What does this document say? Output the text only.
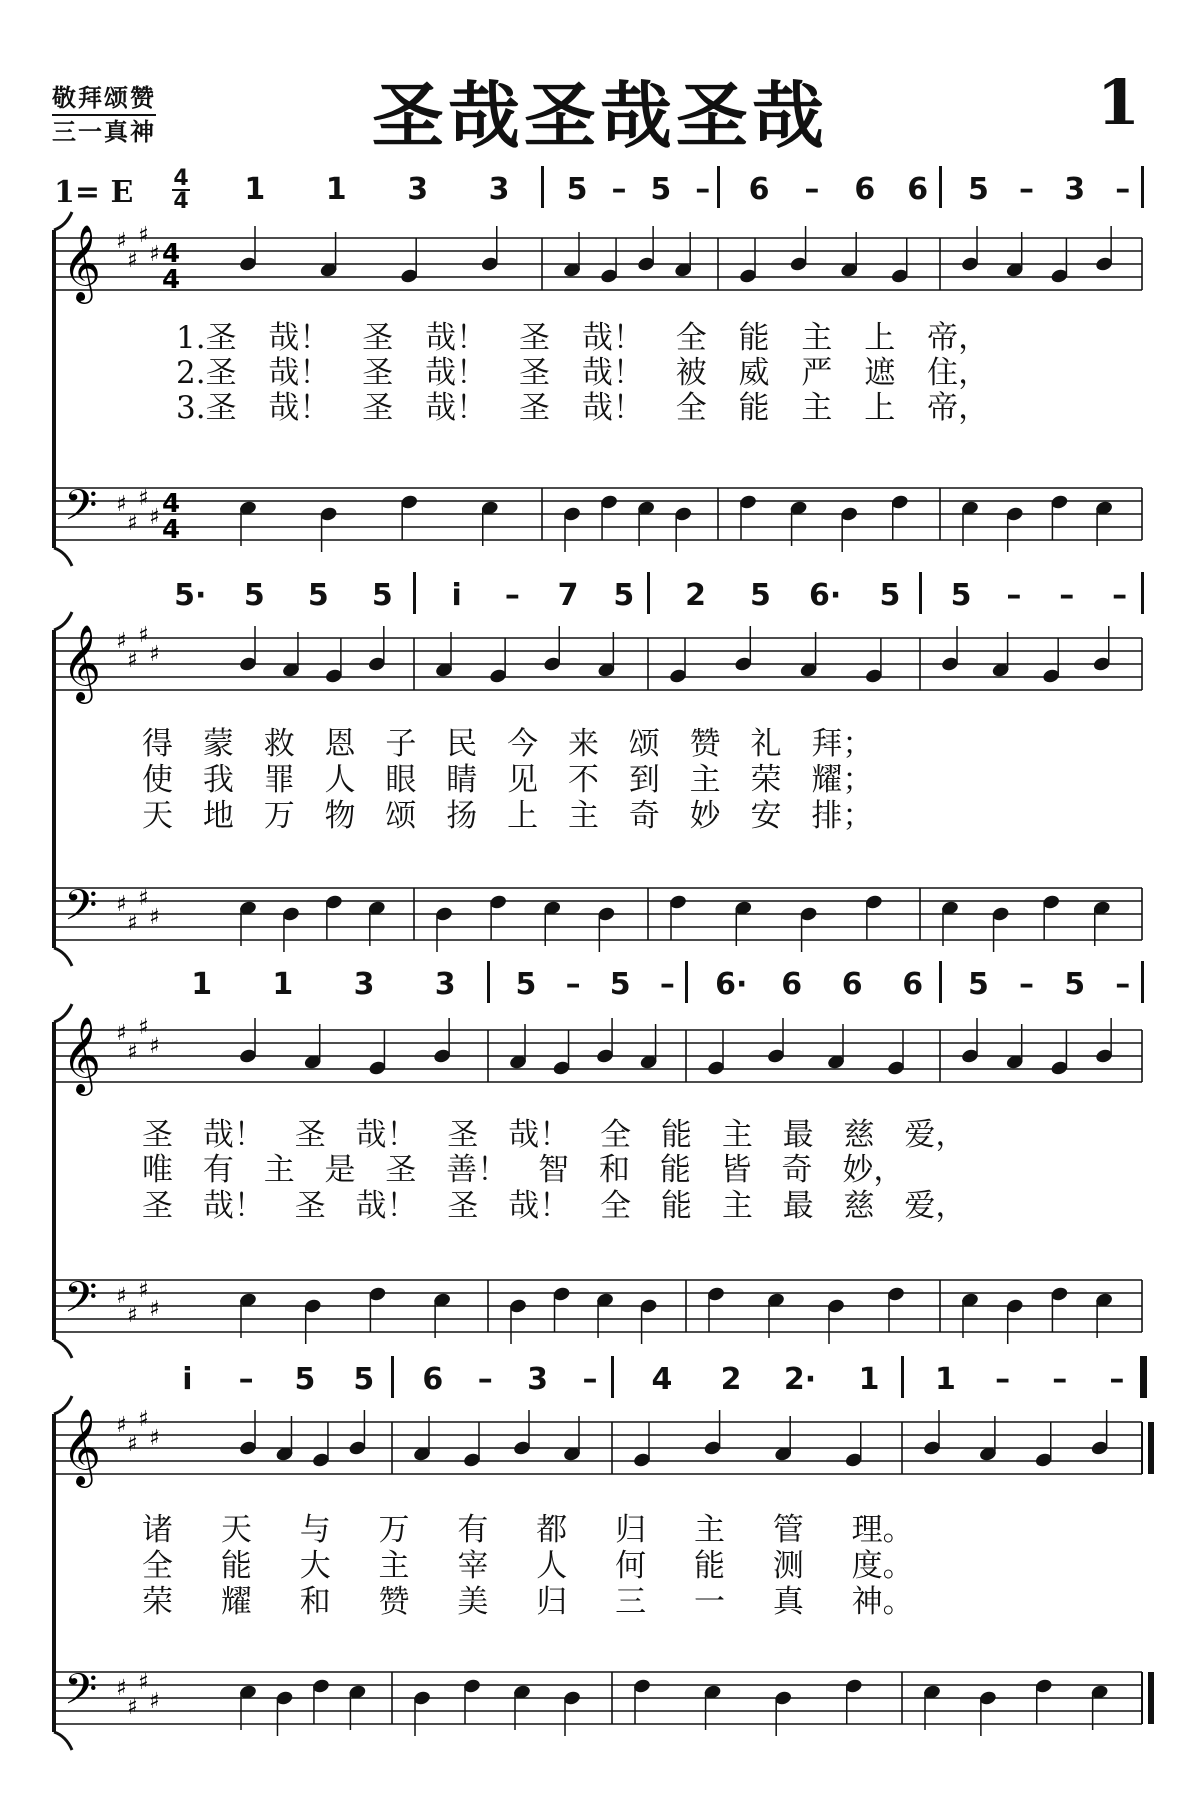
敬拜颂赞
三一真神	圣哉圣哉圣哉	1
1= E 4
4
𝄞 ♯
♯
♯
♯ 4
4
𝄢 ♯
♯
♯
♯ 4
4
𝄞 ♯
♯
♯
♯
𝄢 ♯
♯
♯
♯
𝄞 ♯
♯
♯
♯
𝄢 ♯
♯
♯
♯
𝄞 ♯
♯
♯
♯
𝄢 ♯
♯
♯
♯
1 1 3 3 5 – 5 – 6 – 6 6 5 – 3 –
1.圣 哉！ 圣 哉！ 圣 哉！ 全 能 主 上 帝，
2.圣 哉！ 圣 哉！ 圣 哉！ 被 威 严 遮 住，
3.圣 哉！ 圣 哉！ 圣 哉！ 全 能 主 上 帝，
5· 5 5 5 i – 7 5 2 5 6· 5 5 – – –
得 蒙 救 恩 子 民 今 来 颂 赞 礼 拜；
使 我 罪 人 眼 睛 见 不 到 主 荣 耀；
天 地 万 物 颂 扬 上 主 奇 妙 安 排；
1 1 3 3 5 – 5 – 6· 6 6 6 5 – 5 –
圣 哉！ 圣 哉！ 圣 哉！ 全 能 主 最 慈 爱，
唯 有 主 是 圣 善！ 智 和 能 皆 奇 妙，
圣 哉！ 圣 哉！ 圣 哉！ 全 能 主 最 慈 爱，
i – 5 5 6 – 3 – 4 2 2· 1 1 – – –
诸 天 与 万 有 都 归 主 管 理。
全 能 大 主 宰 人 何 能 测 度。
荣 耀 和 赞 美 归 三 一 真 神。
